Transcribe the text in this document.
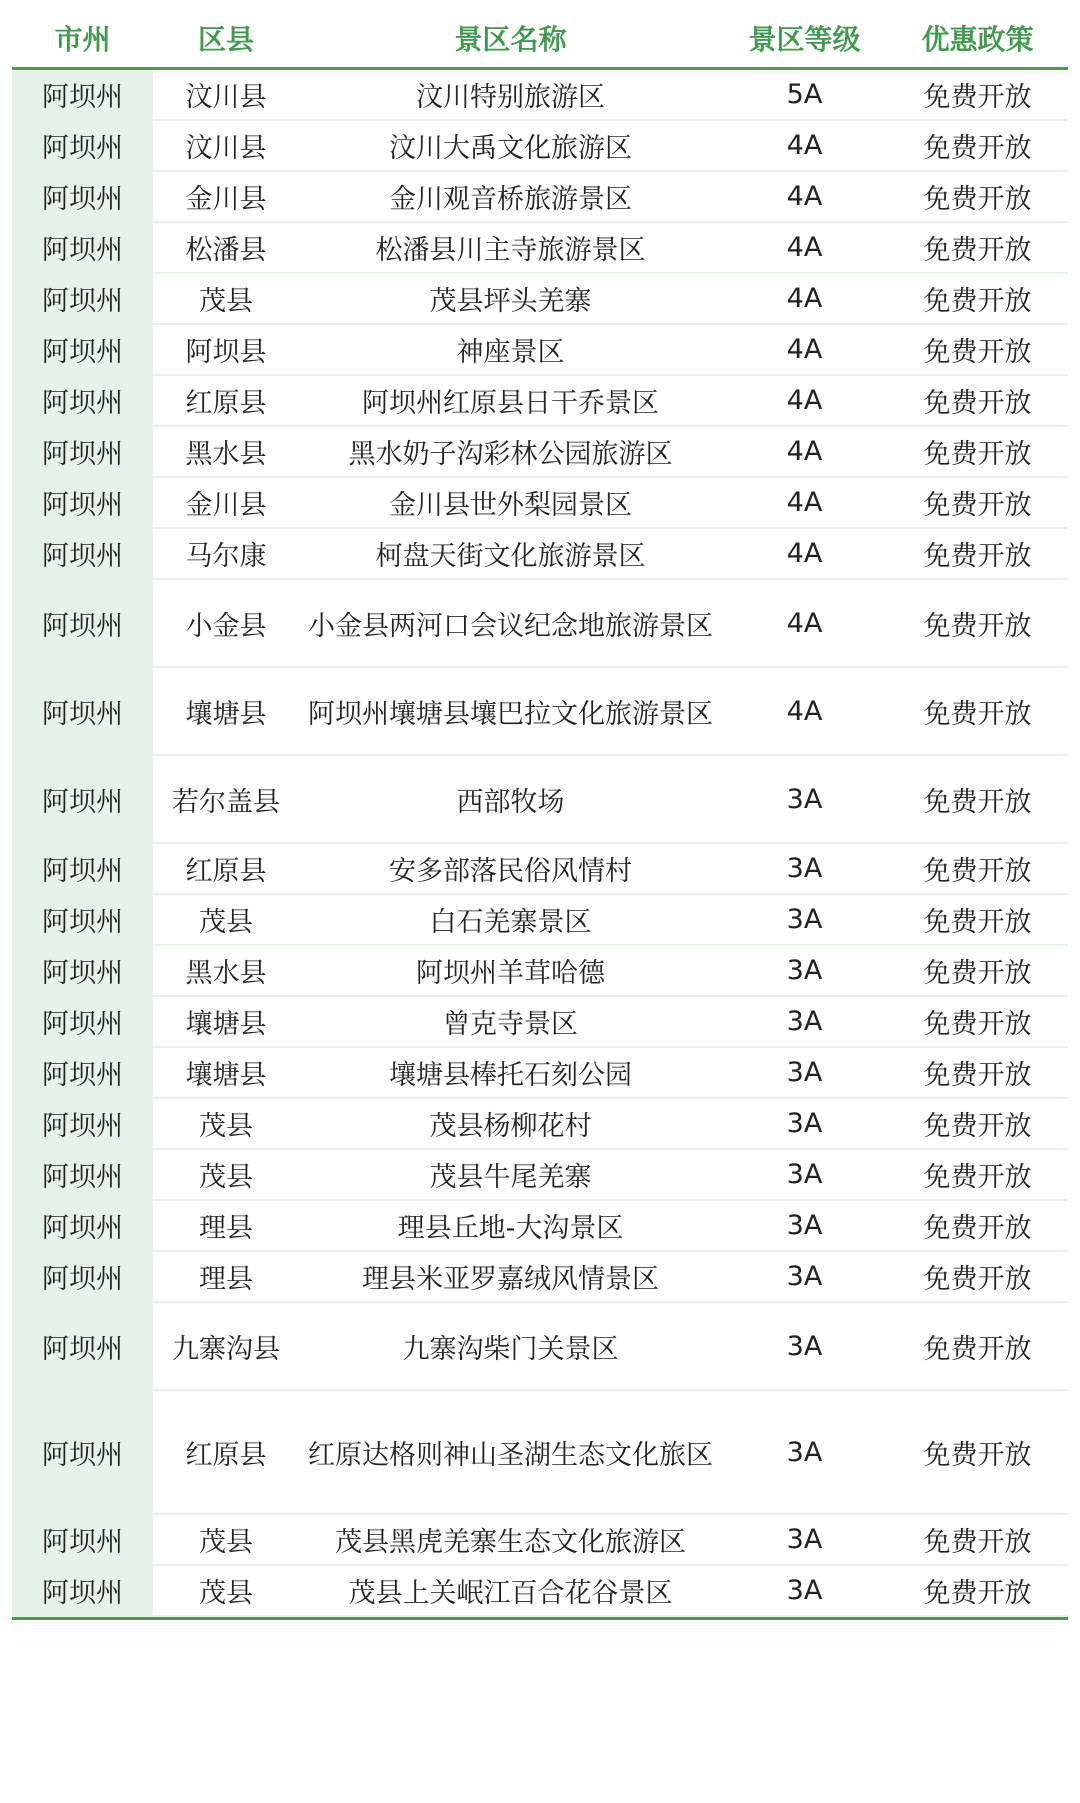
市州	区县	景区名称	景区等级	优惠政策
阿坝州	汶川县	汶川特别旅游区	5A	免费开放
阿坝州	汶川县	汶川大禹文化旅游区	4A	免费开放
阿坝州	金川县	金川观音桥旅游景区	4A	免费开放
阿坝州	松潘县	松潘县川主寺旅游景区	4A	免费开放
阿坝州	茂县	茂县坪头羌寨	4A	免费开放
阿坝州	阿坝县	神座景区	4A	免费开放
阿坝州	红原县	阿坝州红原县日干乔景区	4A	免费开放
阿坝州	黑水县	黑水奶子沟彩林公园旅游区	4A	免费开放
阿坝州	金川县	金川县世外梨园景区	4A	免费开放
阿坝州	马尔康	柯盘天街文化旅游景区	4A	免费开放
阿坝州	小金县	小金县两河口会议纪念地旅游景区	4A	免费开放
阿坝州	壤塘县	阿坝州壤塘县壤巴拉文化旅游景区	4A	免费开放
阿坝州	若尔盖县	西部牧场	3A	免费开放
阿坝州	红原县	安多部落民俗风情村	3A	免费开放
阿坝州	茂县	白石羌寨景区	3A	免费开放
阿坝州	黑水县	阿坝州羊茸哈德	3A	免费开放
阿坝州	壤塘县	曾克寺景区	3A	免费开放
阿坝州	壤塘县	壤塘县棒托石刻公园	3A	免费开放
阿坝州	茂县	茂县杨柳花村	3A	免费开放
阿坝州	茂县	茂县牛尾羌寨	3A	免费开放
阿坝州	理县	理县丘地-大沟景区	3A	免费开放
阿坝州	理县	理县米亚罗嘉绒风情景区	3A	免费开放
阿坝州	九寨沟县	九寨沟柴门关景区	3A	免费开放
阿坝州	红原县	红原达格则神山圣湖生态文化旅区	3A	免费开放
阿坝州	茂县	茂县黑虎羌寨生态文化旅游区	3A	免费开放
阿坝州	茂县	茂县上关岷江百合花谷景区	3A	免费开放
